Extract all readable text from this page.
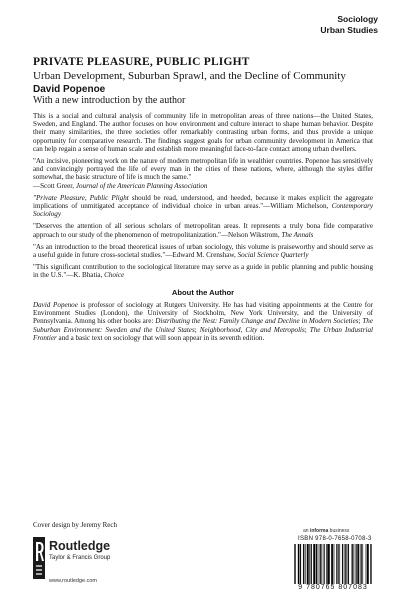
Sociology
Urban Studies
PRIVATE PLEASURE, PUBLIC PLIGHT

Urban Development, Suburban Sprawl, and the Decline of Community

David Popenoe
With a new introduction by the author

This is a social and cultural analysis of community life in metropolitan areas of three nations—the United States, Sweden, and England. The author focuses on how environment and culture interact to shape human behavior. Despite their many similarities, the three societies offer remarkably contrasting urban forms, and thus provide a unique opportunity for comparative research. The findings suggest goals for urban community development in America that can help regain a sense of human scale and establish more meaningful face-to-face contact among urban dwellers.

"An incisive, pioneering work on the nature of modern metropolitan life in wealthier countries. Popenoe has sensitively and convincingly portrayed the life of every man in the cities of these nations, where, although the styles differ somewhat, the basic structure of life is much the same."
—Scott Greer, Journal of the American Planning Association

"Private Pleasure, Public Plight should be read, understood, and heeded, because it makes explicit the aggregate implications of unmitigated acceptance of individual choice in urban areas."—William Michelson, Contemporary Sociology

"Deserves the attention of all serious scholars of metropolitan areas. It represents a truly bona fide comparative approach to our study of the phenomenon of metropolitanization."—Nelson Wikstrom, The Annals

"As an introduction to the broad theoretical issues of urban sociology, this volume is praiseworthy and should serve as a useful guide in future cross-societal studies."—Edward M. Crenshaw, Social Science Quarterly

"This significant contribution to the sociological literature may serve as a guide in public planning and public housing in the U.S."—K. Bhatia, Choice

About the Author

David Popenoe is professor of sociology at Rutgers University. He has had visiting appointments at the Centre for Environment Studies (London), the University of Stockholm, New York University, and the University of Pennsylvania. Among his other books are: Distributing the Nest: Family Change and Decline in Modern Societies; The Suburban Environment: Sweden and the United States; Neighborhood, City and Metropolis; The Urban Industrial Frontier and a basic text on sociology that will soon appear in its seventh edition.

Cover design by Jeremy Rech
Routledge
Taylor & Francis Group
www.routledge.com
an informa business
ISBN 978-0-7658-0708-3
9 780765 807083
